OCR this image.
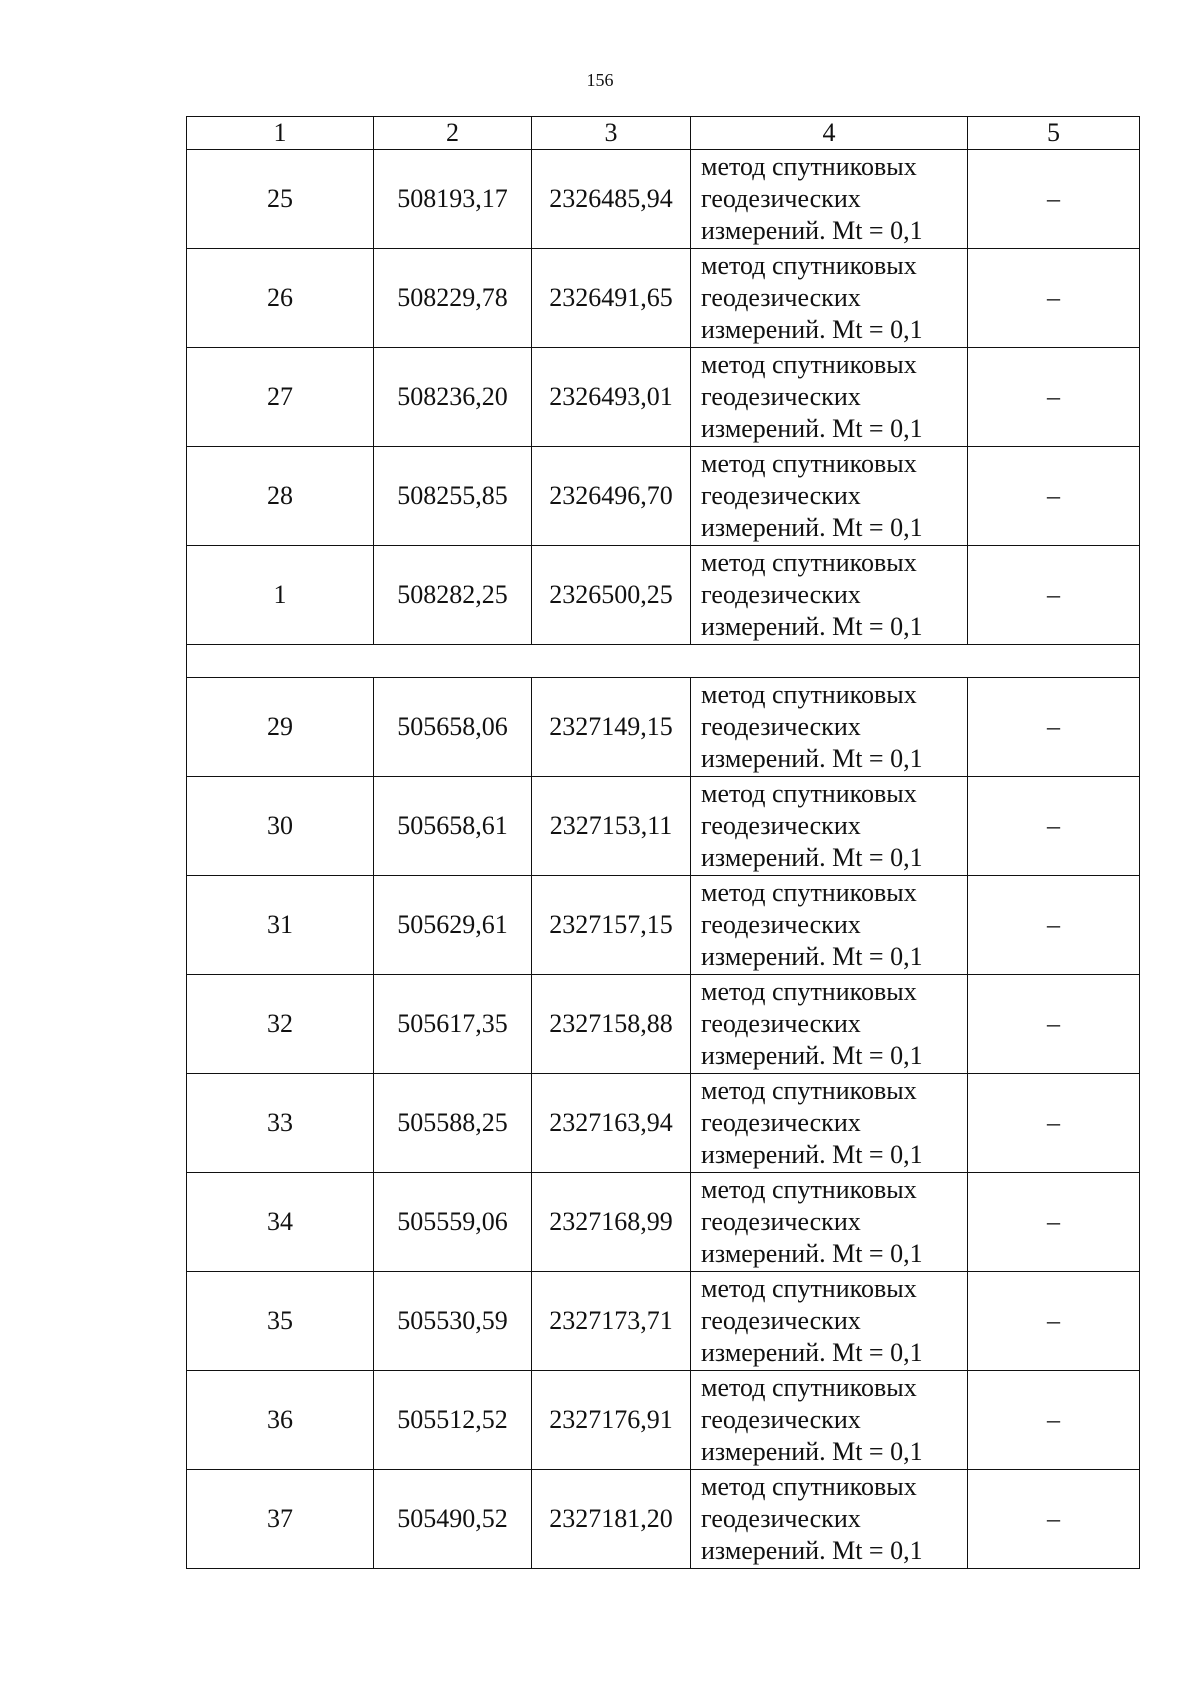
156
1	2	3	4	5
25	508193,17	2326485,94	метод спутниковых
геодезических
измерений. Mt = 0,1	–
26	508229,78	2326491,65	метод спутниковых
геодезических
измерений. Mt = 0,1	–
27	508236,20	2326493,01	метод спутниковых
геодезических
измерений. Mt = 0,1	–
28	508255,85	2326496,70	метод спутниковых
геодезических
измерений. Mt = 0,1	–
1	508282,25	2326500,25	метод спутниковых
геодезических
измерений. Mt = 0,1	–

29	505658,06	2327149,15	метод спутниковых
геодезических
измерений. Mt = 0,1	–
30	505658,61	2327153,11	метод спутниковых
геодезических
измерений. Mt = 0,1	–
31	505629,61	2327157,15	метод спутниковых
геодезических
измерений. Mt = 0,1	–
32	505617,35	2327158,88	метод спутниковых
геодезических
измерений. Mt = 0,1	–
33	505588,25	2327163,94	метод спутниковых
геодезических
измерений. Mt = 0,1	–
34	505559,06	2327168,99	метод спутниковых
геодезических
измерений. Mt = 0,1	–
35	505530,59	2327173,71	метод спутниковых
геодезических
измерений. Mt = 0,1	–
36	505512,52	2327176,91	метод спутниковых
геодезических
измерений. Mt = 0,1	–
37	505490,52	2327181,20	метод спутниковых
геодезических
измерений. Mt = 0,1	–
